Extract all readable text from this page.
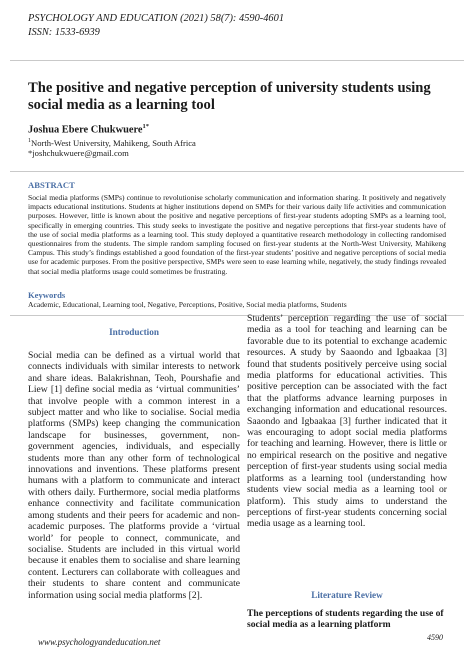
PSYCHOLOGY AND EDUCATION (2021) 58(7): 4590-4601
ISSN: 1533-6939
The positive and negative perception of university students using social media as a learning tool
Joshua Ebere Chukwuere$^{1*}$
$^1$North-West University, Mahikeng, South Africa
*joshchukwuere@gmail.com
ABSTRACT
Social media platforms (SMPs) continue to revolutionise scholarly communication and information sharing. It positively and negatively impacts educational institutions. Students at higher institutions depend on SMPs for their various daily life activities and communication purposes. However, little is known about the positive and negative perceptions of first-year students adopting SMPs as a learning tool, specifically in emerging countries. This study seeks to investigate the positive and negative perceptions that first-year students have of the use of social media platforms as a learning tool. This study deployed a quantitative research methodology in collecting randomised questionnaires from the students. The simple random sampling focused on first-year students at the North-West University, Mahikeng Campus. This study’s findings established a good foundation of the first-year students’ positive and negative perceptions of social media use for academic purposes. From the positive perspective, SMPs were seen to ease learning while, negatively, the study findings revealed that social media platforms usage could sometimes be frustrating.
Keywords
Academic, Educational, Learning tool, Negative, Perceptions, Positive, Social media platforms, Students
Introduction
Social media can be defined as a virtual world that connects individuals with similar interests to network and share ideas. Balakrishnan, Teoh, Pourshafie and Liew [1] define social media as ‘virtual communities’ that involve people with a common interest in a subject matter and who like to socialise. Social media platforms (SMPs) keep changing the communication landscape for businesses, government, non-government agencies, individuals, and especially students more than any other form of technological innovations and inventions. These platforms present humans with a platform to communicate and interact with others daily. Furthermore, social media platforms enhance connectivity and facilitate communication among students and their peers for academic and non-academic purposes. The platforms provide a ‘virtual world’ for people to connect, communicate, and socialise. Students are included in this virtual world because it enables them to socialise and share learning content. Lecturers can collaborate with colleagues and their students to share content and communicate information using social media platforms [2].
Students’ perception regarding the use of social media as a tool for teaching and learning can be favorable due to its potential to exchange academic resources. A study by Saaondo and Igbaakaa [3] found that students positively perceive using social media platforms for educational activities. This positive perception can be associated with the fact that the platforms advance learning purposes in exchanging information and educational resources. Saaondo and Igbaakaa [3] further indicated that it was encouraging to adopt social media platforms for teaching and learning. However, there is little or no empirical research on the positive and negative perception of first-year students using social media platforms as a learning tool (understanding how students view social media as a learning tool or platform). This study aims to understand the perceptions of first-year students concerning social media usage as a learning tool.
Literature Review
The perceptions of students regarding the use of social media as a learning platform
www.psychologyandeducation.net	4590
